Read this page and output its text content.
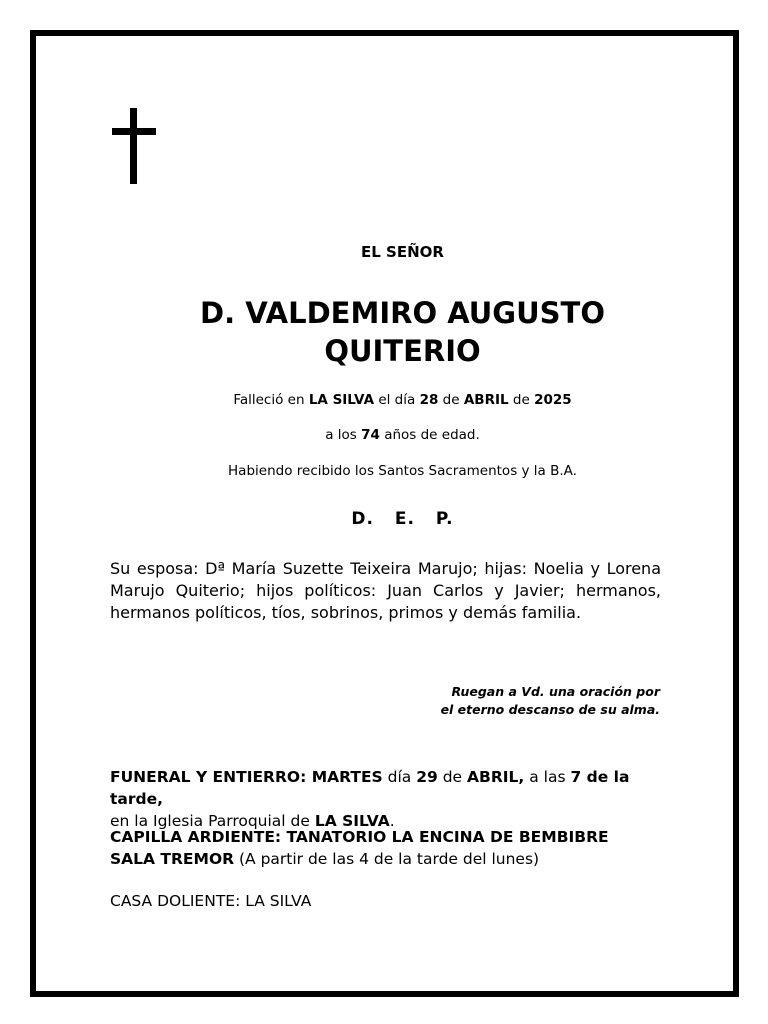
EL SEÑOR
D. VALDEMIRO AUGUSTO
QUITERIO
Falleció en LA SILVA el día 28 de ABRIL de 2025
a los 74 años de edad.
Habiendo recibido los Santos Sacramentos y la B.A.
D. E. P.
Su esposa: Dª María Suzette Teixeira Marujo; hijas: Noelia y Lorena Marujo Quiterio; hijos políticos: Juan Carlos y Javier; hermanos, hermanos políticos, tíos, sobrinos, primos y demás familia.
Ruegan a Vd. una oración por
el eterno descanso de su alma.
FUNERAL Y ENTIERRO: MARTES día 29 de ABRIL, a las 7 de la tarde,
en la Iglesia Parroquial de LA SILVA.
CAPILLA ARDIENTE: TANATORIO LA ENCINA DE BEMBIBRE
SALA TREMOR (A partir de las 4 de la tarde del lunes)
CASA DOLIENTE: LA SILVA
